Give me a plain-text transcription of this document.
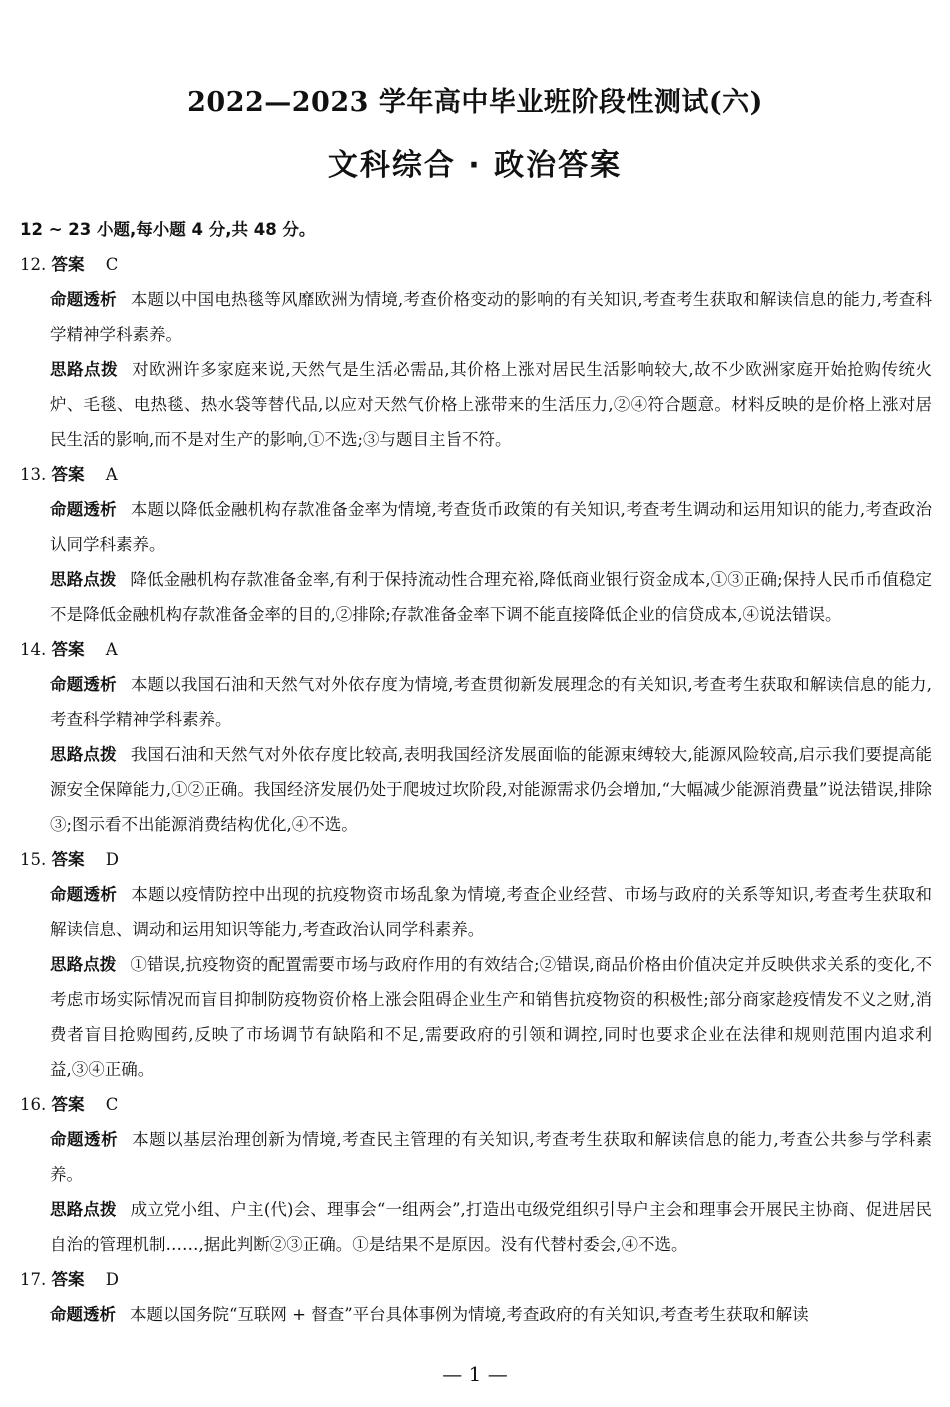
2022—2023 学年高中毕业班阶段性测试(六)
文科综合 · 政治答案
12 ~ 23 小题,每小题 4 分,共 48 分。
12. 答案 C
命题透析 本题以中国电热毯等风靡欧洲为情境,考查价格变动的影响的有关知识,考查考生获取和解读信息的能力,考查科学精神学科素养。
思路点拨 对欧洲许多家庭来说,天然气是生活必需品,其价格上涨对居民生活影响较大,故不少欧洲家庭开始抢购传统火炉、毛毯、电热毯、热水袋等替代品,以应对天然气价格上涨带来的生活压力,②④符合题意。材料反映的是价格上涨对居民生活的影响,而不是对生产的影响,①不选;③与题目主旨不符。
13. 答案 A
命题透析 本题以降低金融机构存款准备金率为情境,考查货币政策的有关知识,考查考生调动和运用知识的能力,考查政治认同学科素养。
思路点拨 降低金融机构存款准备金率,有利于保持流动性合理充裕,降低商业银行资金成本,①③正确;保持人民币币值稳定不是降低金融机构存款准备金率的目的,②排除;存款准备金率下调不能直接降低企业的信贷成本,④说法错误。
14. 答案 A
命题透析 本题以我国石油和天然气对外依存度为情境,考查贯彻新发展理念的有关知识,考查考生获取和解读信息的能力,考查科学精神学科素养。
思路点拨 我国石油和天然气对外依存度比较高,表明我国经济发展面临的能源束缚较大,能源风险较高,启示我们要提高能源安全保障能力,①②正确。我国经济发展仍处于爬坡过坎阶段,对能源需求仍会增加,“大幅减少能源消费量”说法错误,排除③;图示看不出能源消费结构优化,④不选。
15. 答案 D
命题透析 本题以疫情防控中出现的抗疫物资市场乱象为情境,考查企业经营、市场与政府的关系等知识,考查考生获取和解读信息、调动和运用知识等能力,考查政治认同学科素养。
思路点拨 ①错误,抗疫物资的配置需要市场与政府作用的有效结合;②错误,商品价格由价值决定并反映供求关系的变化,不考虑市场实际情况而盲目抑制防疫物资价格上涨会阻碍企业生产和销售抗疫物资的积极性;部分商家趁疫情发不义之财,消费者盲目抢购囤药,反映了市场调节有缺陷和不足,需要政府的引领和调控,同时也要求企业在法律和规则范围内追求利益,③④正确。
16. 答案 C
命题透析 本题以基层治理创新为情境,考查民主管理的有关知识,考查考生获取和解读信息的能力,考查公共参与学科素养。
思路点拨 成立党小组、户主(代)会、理事会“一组两会”,打造出屯级党组织引导户主会和理事会开展民主协商、促进居民自治的管理机制……,据此判断②③正确。①是结果不是原因。没有代替村委会,④不选。
17. 答案 D
命题透析 本题以国务院“互联网 + 督查”平台具体事例为情境,考查政府的有关知识,考查考生获取和解读
— 1 —
